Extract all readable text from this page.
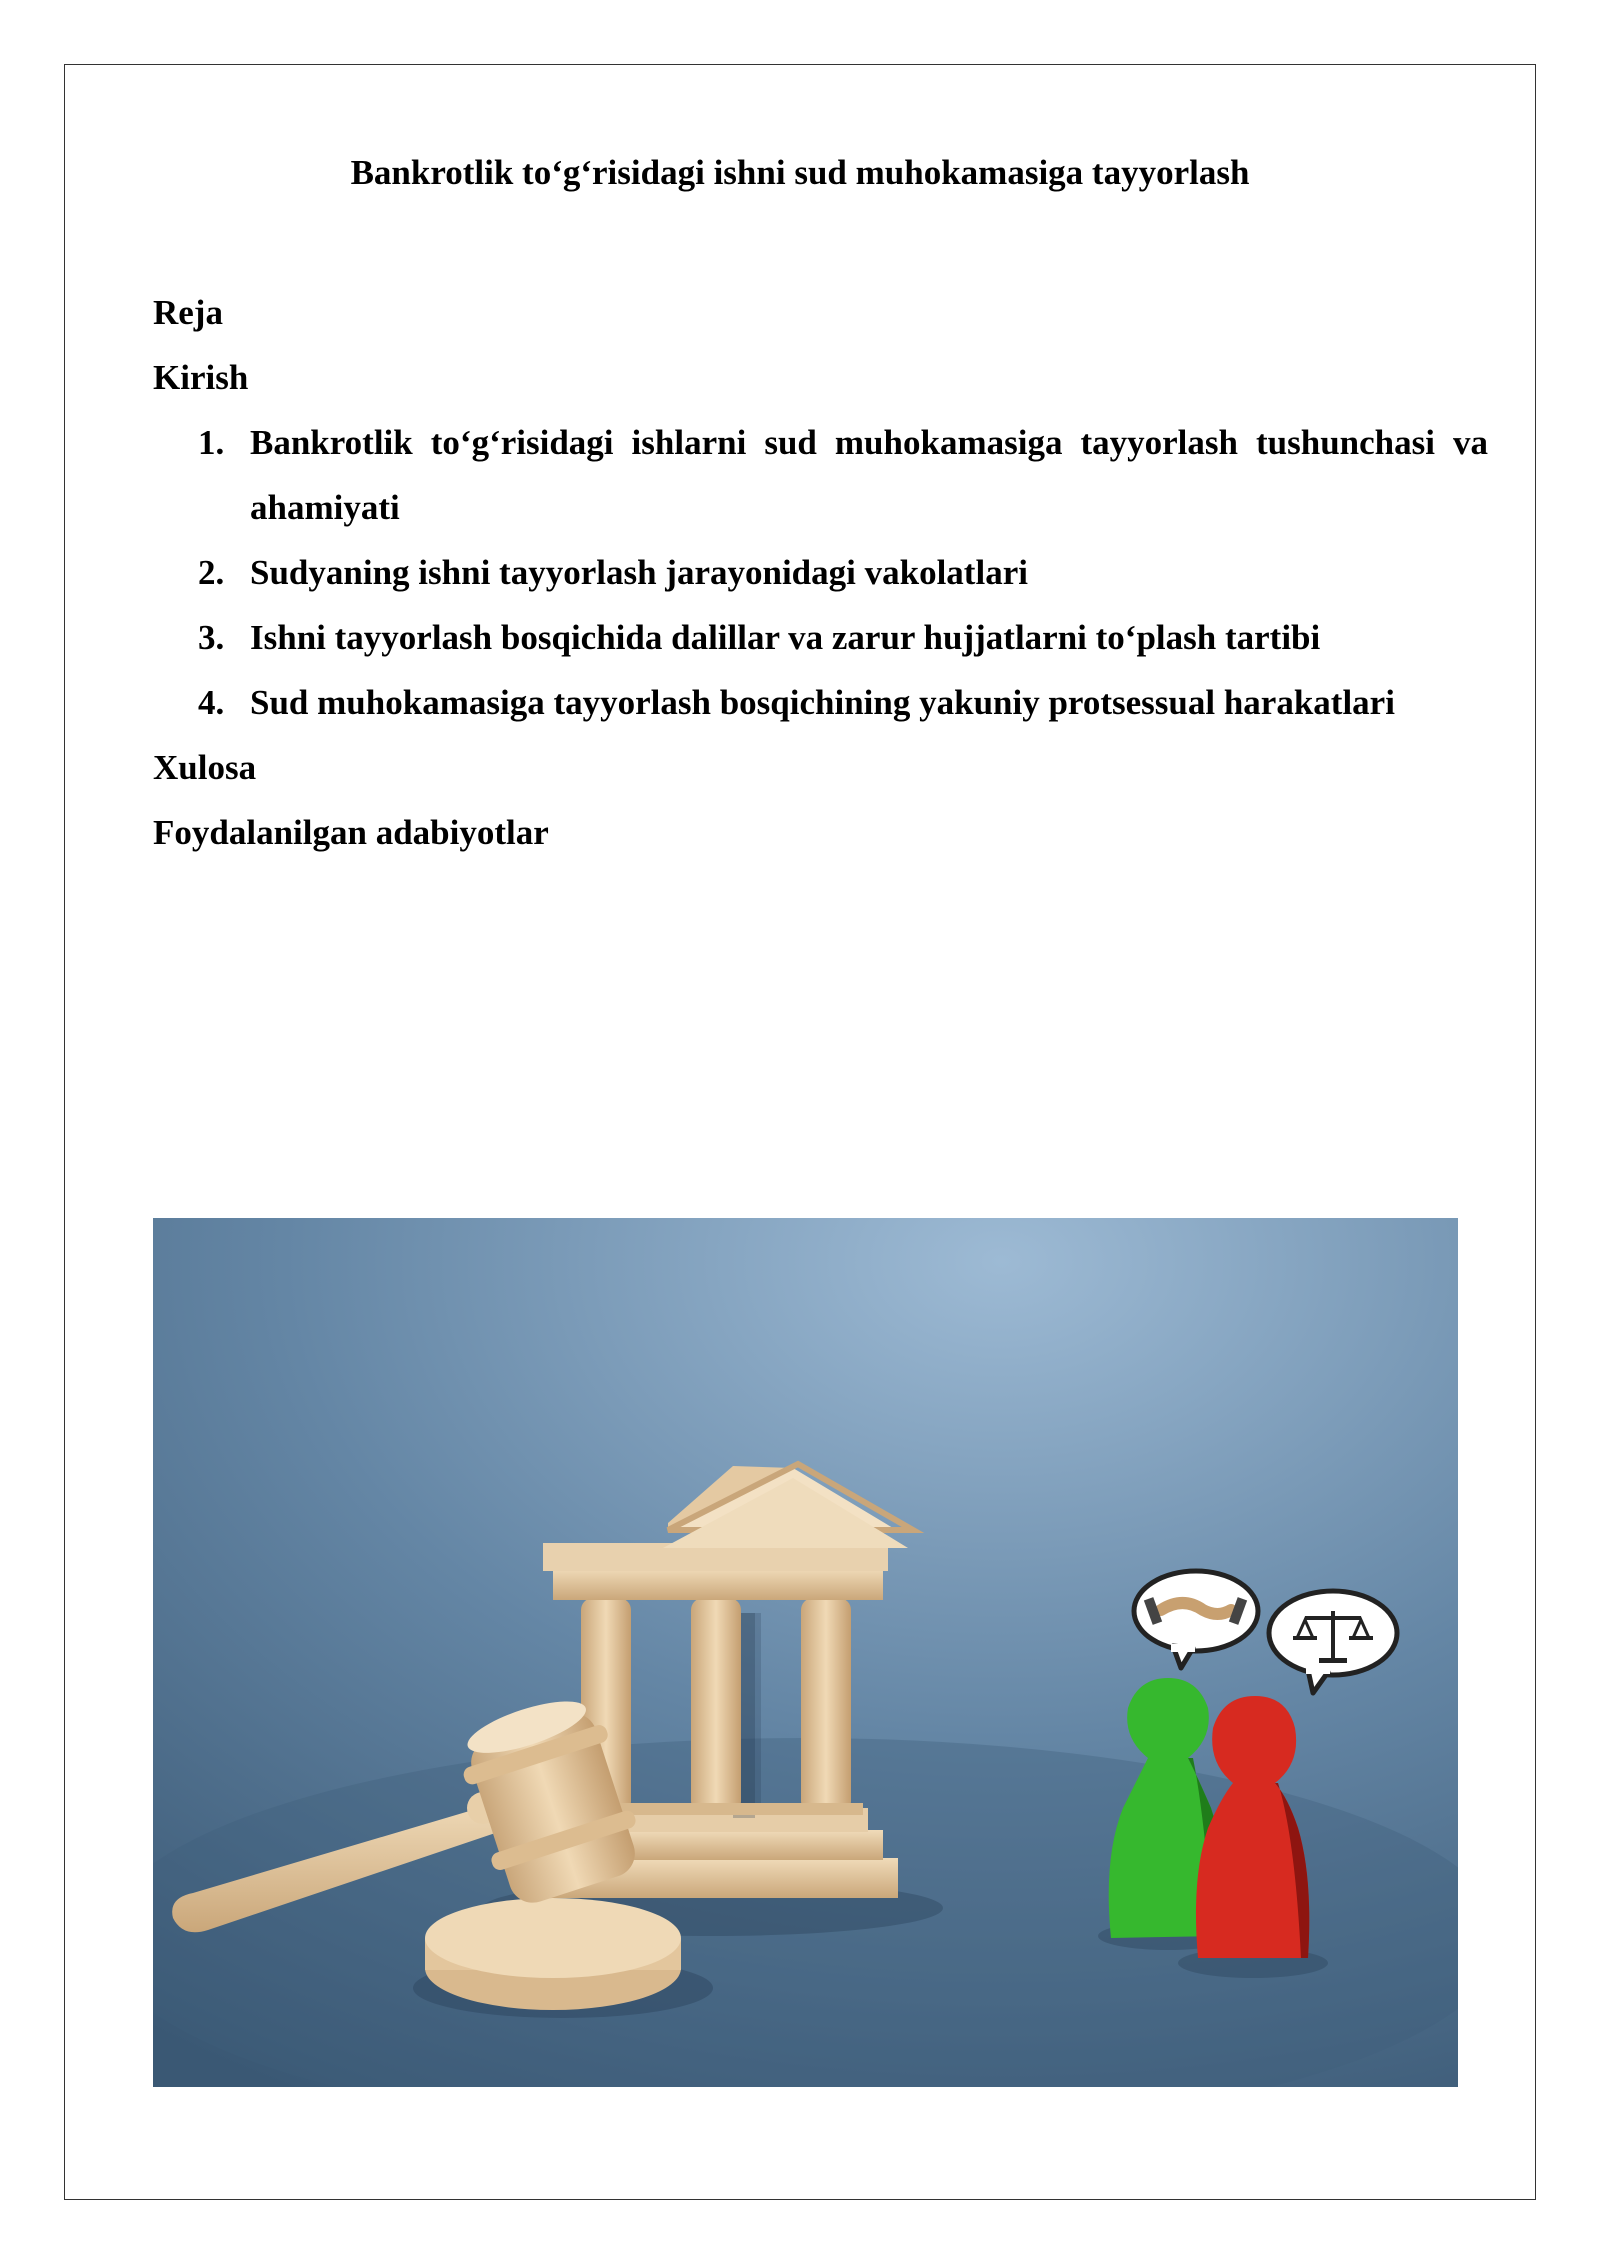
Bankrotlik to‘g‘risidagi ishni sud muhokamasiga tayyorlash

Reja

Kirish

1. Bankrotlik to‘g‘risidagi ishlarni sud muhokamasiga tayyorlash tushunchasi va ahamiyati
2. Sudyaning ishni tayyorlash jarayonidagi vakolatlari
3. Ishni tayyorlash bosqichida dalillar va zarur hujjatlarni to‘plash tartibi
4. Sud muhokamasiga tayyorlash bosqichining yakuniy protsessual harakatlari

Xulosa

Foydalanilgan adabiyotlar
